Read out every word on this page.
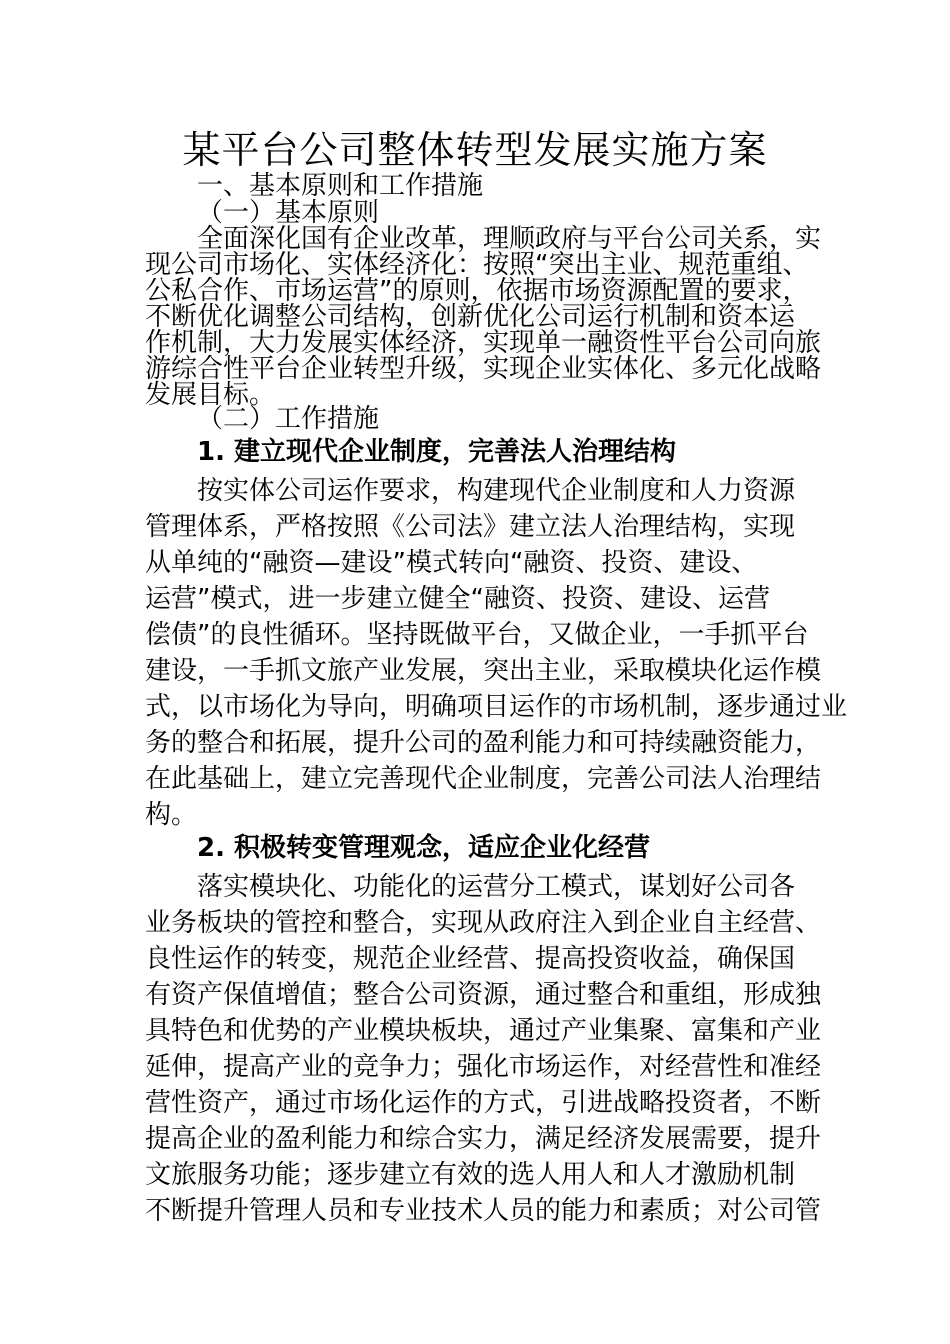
某平台公司整体转型发展实施方案
一、基本原则和工作措施
（一）基本原则
全面深化国有企业改革，理顺政府与平台公司关系，实
现公司市场化、实体经济化：按照“突出主业、规范重组、
公私合作、市场运营”的原则，依据市场资源配置的要求，
不断优化调整公司结构，创新优化公司运行机制和资本运
作机制，大力发展实体经济，实现单一融资性平台公司向旅
游综合性平台企业转型升级，实现企业实体化、多元化战略
发展目标。
（二）工作措施
1. 建立现代企业制度，完善法人治理结构
按实体公司运作要求，构建现代企业制度和人力资源
管理体系，严格按照《公司法》建立法人治理结构，实现
从单纯的“融资—建设”模式转向“融资、投资、建设、
运营”模式，进一步建立健全“融资、投资、建设、运营
偿债”的良性循环。坚持既做平台，又做企业，一手抓平台
建设，一手抓文旅产业发展，突出主业，采取模块化运作模
式，以市场化为导向，明确项目运作的市场机制，逐步通过业
务的整合和拓展，提升公司的盈利能力和可持续融资能力，
在此基础上，建立完善现代企业制度，完善公司法人治理结
构。
2. 积极转变管理观念，适应企业化经营
落实模块化、功能化的运营分工模式，谋划好公司各
业务板块的管控和整合，实现从政府注入到企业自主经营、
良性运作的转变，规范企业经营、提高投资收益，确保国
有资产保值增值；整合公司资源，通过整合和重组，形成独
具特色和优势的产业模块板块，通过产业集聚、富集和产业
延伸，提高产业的竞争力；强化市场运作，对经营性和准经
营性资产，通过市场化运作的方式，引进战略投资者，不断
提高企业的盈利能力和综合实力，满足经济发展需要，提升
文旅服务功能；逐步建立有效的选人用人和人才激励机制
不断提升管理人员和专业技术人员的能力和素质；对公司管
